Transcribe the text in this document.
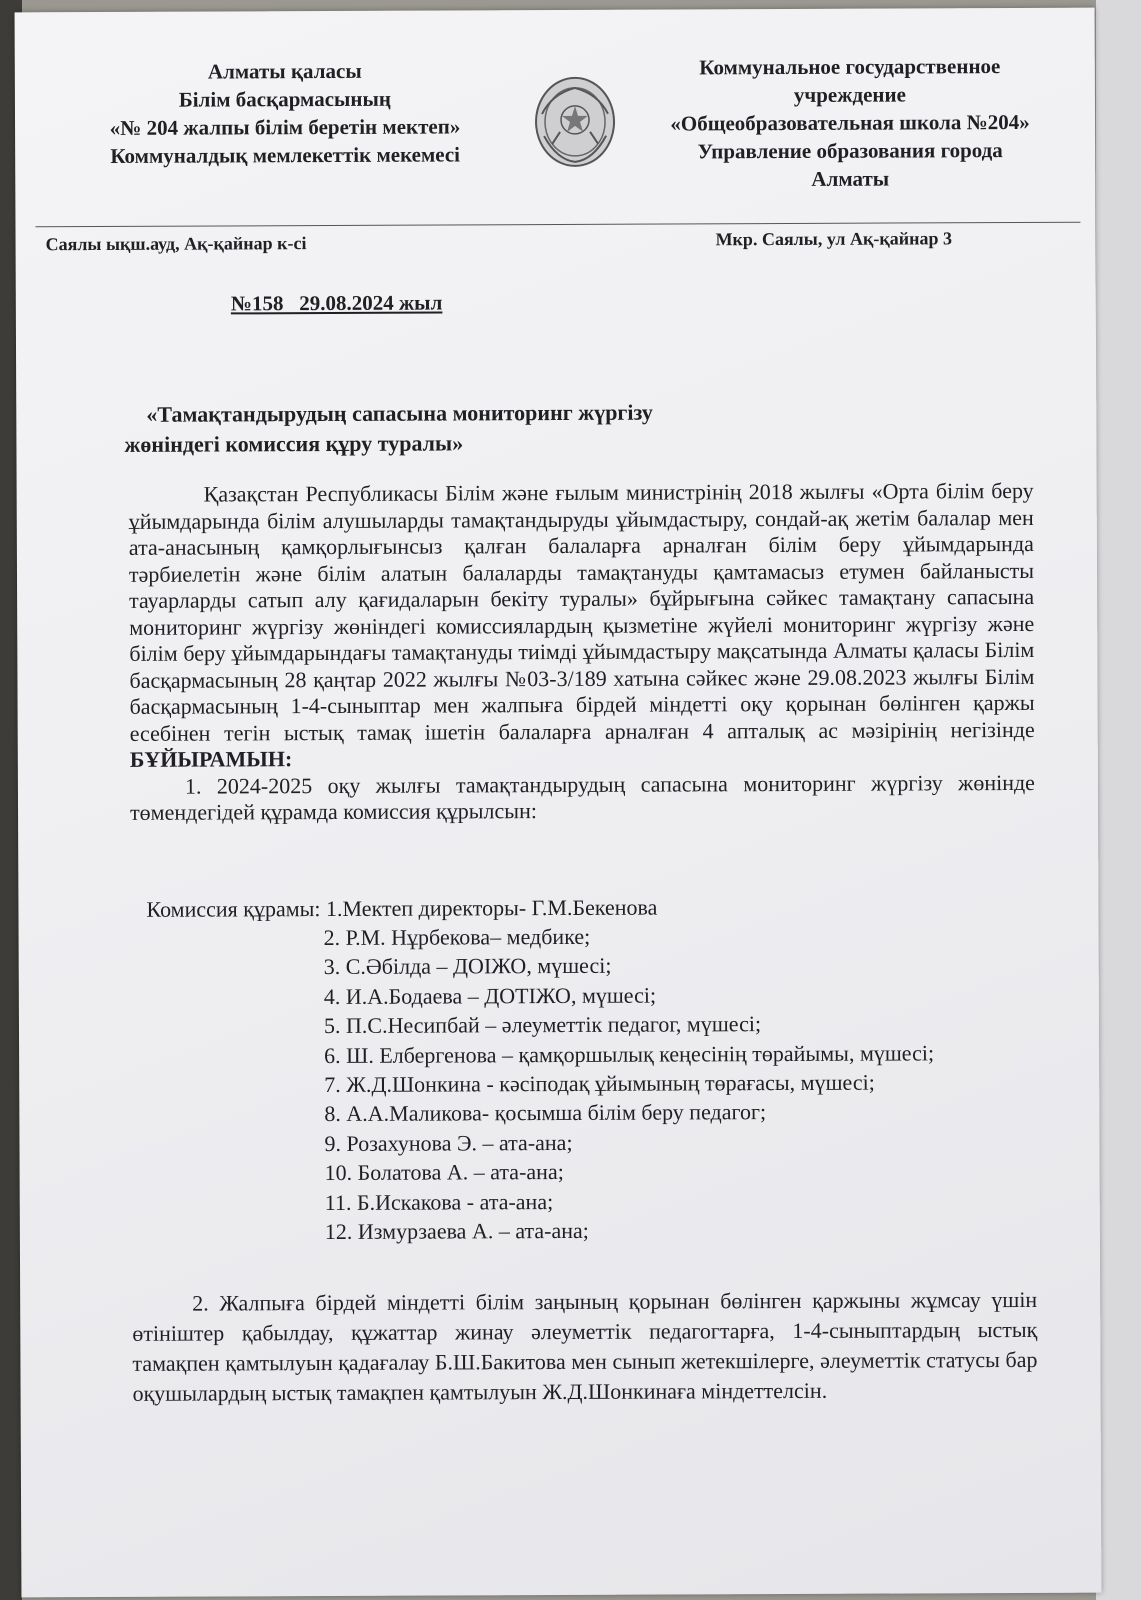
Алматы қаласы
Білім басқармасының
«№ 204 жалпы білім беретін мектеп»
Коммуналдық мемлекеттік мекемесі
Коммунальное государственное
учреждение
«Общеобразовательная школа №204»
Управление образования города
Алматы
Саялы ықш.ауд, Ақ-қайнар к-сі	Мкр. Саялы, ул Ақ-қайнар 3
№158   29.08.2024 жыл
«Тамақтандырудың сапасына мониторинг жүргізу
жөніндегі комиссия құру туралы»

Қазақстан Республикасы Білім және ғылым министрінің 2018 жылғы «Орта білім беру ұйымдарында білім алушыларды тамақтандыруды ұйымдастыру, сондай-ақ жетім балалар мен ата-анасының қамқорлығынсыз қалған балаларға арналған білім беру ұйымдарында тәрбиелетін және білім алатын балаларды тамақтануды қамтамасыз етумен байланысты тауарларды сатып алу қағидаларын бекіту туралы» бұйрығына сәйкес тамақтану сапасына мониторинг жүргізу жөніндегі комиссиялардың қызметіне жүйелі мониторинг жүргізу және білім беру ұйымдарындағы тамақтануды тиімді ұйымдастыру мақсатында Алматы қаласы Білім басқармасының 28 қаңтар 2022 жылғы №03-3/189 хатына сәйкес және 29.08.2023 жылғы Білім басқармасының 1-4-сыныптар мен жалпыға бірдей міндетті оқу қорынан бөлінген қаржы есебінен тегін ыстық тамақ ішетін балаларға арналған 4 апталық ас мәзірінің негізінде БҰЙЫРАМЫН:

1. 2024-2025 оқу жылғы тамақтандырудың сапасына мониторинг жүргізу жөнінде төмендегідей құрамда комиссия құрылсын:

Комиссия құрамы: 1.Мектеп директоры- Г.М.Бекенова
2. Р.М. Нұрбекова– медбике;
3. С.Әбілда – ДОІЖО, мүшесі;
4. И.А.Бодаева – ДОТІЖО, мүшесі;
5. П.С.Несипбай – әлеуметтік педагог, мүшесі;
6. Ш. Елбергенова – қамқоршылық кеңесінің төрайымы, мүшесі;
7. Ж.Д.Шонкина - кәсіподақ ұйымының төрағасы, мүшесі;
8. А.А.Маликова- қосымша білім беру педагог;
9. Розахунова Э. – ата-ана;
10. Болатова А. – ата-ана;
11. Б.Искакова - ата-ана;
12. Измурзаева А. – ата-ана;

2. Жалпыға бірдей міндетті білім заңының қорынан бөлінген қаржыны жұмсау үшін өтініштер қабылдау, құжаттар жинау әлеуметтік педагогтарға, 1-4-сыныптардың ыстық тамақпен қамтылуын қадағалау Б.Ш.Бакитова мен сынып жетекшілерге, әлеуметтік статусы бар оқушылардың ыстық тамақпен қамтылуын Ж.Д.Шонкинаға міндеттелсін.
